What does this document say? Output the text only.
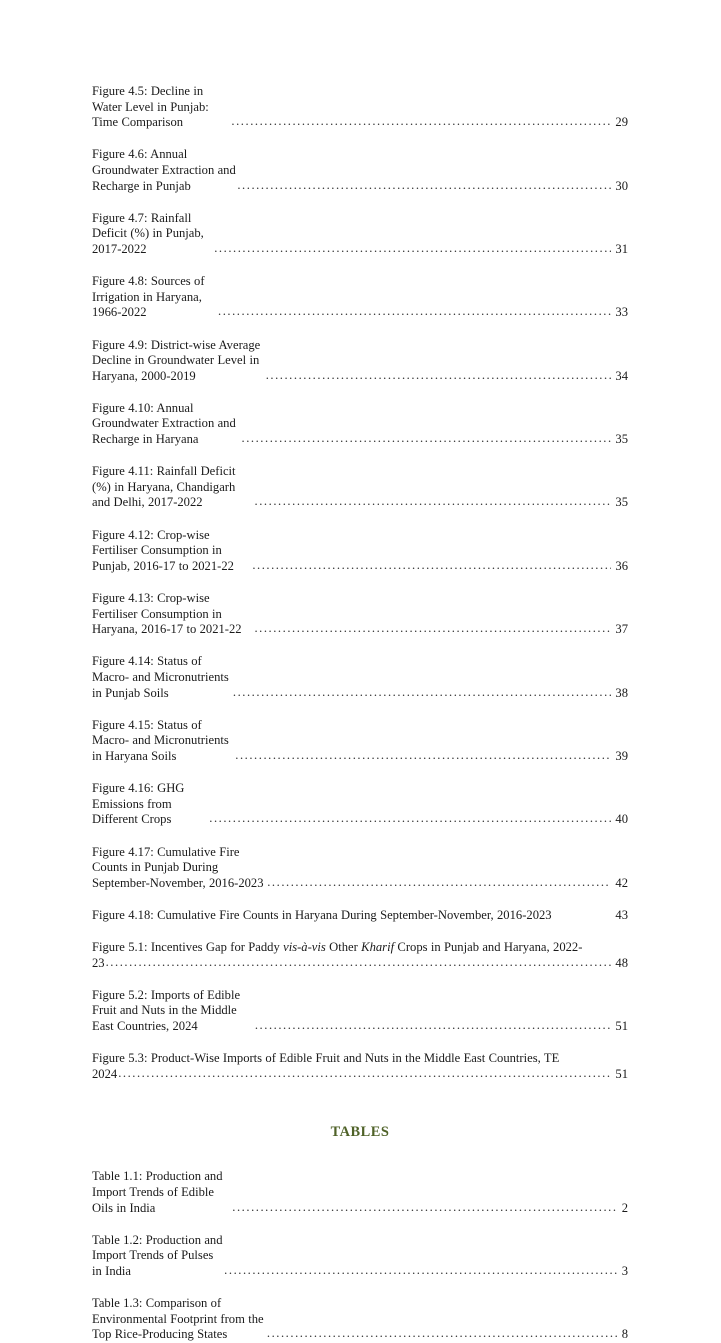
Figure 4.5: Decline in Water Level in Punjab: Time Comparison .....	29
Figure 4.6: Annual Groundwater Extraction and Recharge in Punjab .....	30
Figure 4.7: Rainfall Deficit (%) in Punjab, 2017-2022 .....	31
Figure 4.8: Sources of Irrigation in Haryana, 1966-2022 .....	33
Figure 4.9: District-wise Average Decline in Groundwater Level in Haryana, 2000-2019 .....	34
Figure 4.10: Annual Groundwater Extraction and Recharge in Haryana .....	35
Figure 4.11: Rainfall Deficit (%) in Haryana, Chandigarh and Delhi, 2017-2022 .....	35
Figure 4.12: Crop-wise Fertiliser Consumption in Punjab, 2016-17 to 2021-22 .....	36
Figure 4.13: Crop-wise Fertiliser Consumption in Haryana, 2016-17 to 2021-22 .....	37
Figure 4.14: Status of Macro- and Micronutrients in Punjab Soils .....	38
Figure 4.15: Status of Macro- and Micronutrients in Haryana Soils .....	39
Figure 4.16: GHG Emissions from Different Crops .....	40
Figure 4.17: Cumulative Fire Counts in Punjab During September-November, 2016-2023 .....	42
Figure 4.18: Cumulative Fire Counts in Haryana During September-November, 2016-2023	43
Figure 5.1: Incentives Gap for Paddy vis-à-vis Other Kharif Crops in Punjab and Haryana, 2022-
23 .....	48
Figure 5.2: Imports of Edible Fruit and Nuts in the Middle East Countries, 2024 .....	51
Figure 5.3: Product-Wise Imports of Edible Fruit and Nuts in the Middle East Countries, TE
2024 .....	51
TABLES
Table 1.1: Production and Import Trends of Edible Oils in India .....	2
Table 1.2: Production and Import Trends of Pulses in India .....	3
Table 1.3: Comparison of Environmental Footprint from the Top Rice-Producing States .....	8
